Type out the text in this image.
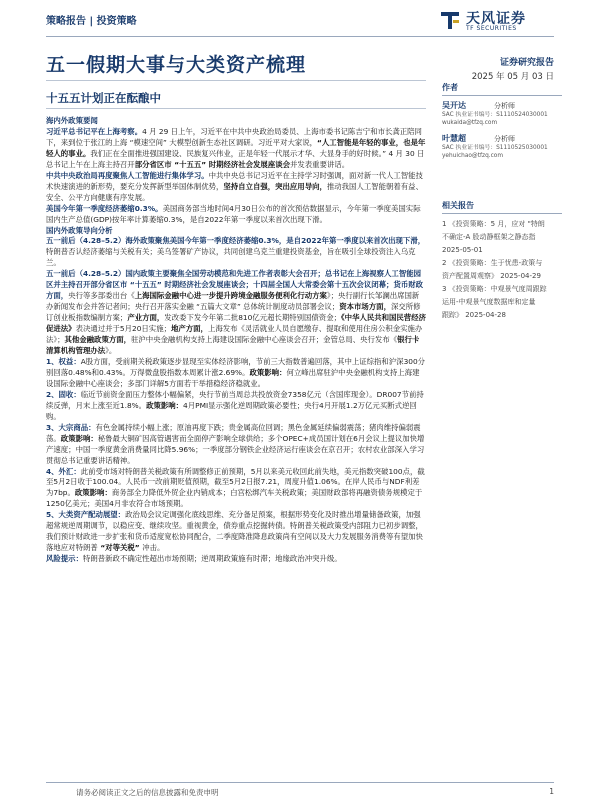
策略报告 | 投资策略	天风证券
TF SECURITIES
五一假期大事与大类资产梳理	证券研究报告
2025 年 05 月 03 日
十五五计划正在酝酿中

海内外政策要闻

习近平总书记平在上海考察。4 月 29 日上午，习近平在中共中央政治局委员、上海市委书记陈吉宁和市长龚正陪同下，来到位于张江的上海 “模速空间” 大模型创新生态社区调研。习近平对大家说，“人工智能是年轻的事业，也是年轻人的事业。我们正在全面推进强国建设、民族复兴伟业，正是年轻一代展示才华、大显身手的好时候。” 4 月 30 日总书记上午在上海主持召开部分省区市 “十五五” 时期经济社会发展座谈会并发表重要讲话。

中共中央政治局再度聚焦人工智能进行集体学习。中共中央总书记习近平在主持学习时强调，面对新一代人工智能技术快速演进的新形势，要充分发挥新型举国体制优势，坚持自立自强，突出应用导向，推动我国人工智能朝着有益、安全、公平方向健康有序发展。

美国今年第一季度经济萎缩0.3%。美国商务部当地时间4月30日公布的首次预估数据显示，今年第一季度美国实际国内生产总值(GDP)按年率计算萎缩0.3%，是自2022年第一季度以来首次出现下滑。

国内外政策导向分析

五一前后（4.28–5.2）海外政策聚焦美国今年第一季度经济萎缩0.3%，是自2022年第一季度以来首次出现下滑，特朗普否认经济萎缩与关税有关；美乌签署矿产协议，共同创建乌克兰重建投资基金，旨在吸引全球投资注入乌克兰。

五一前后（4.28–5.2）国内政策主要聚焦全国劳动模范和先进工作者表彰大会召开；总书记在上海视察人工智能园区并主持召开部分省区市 “十五五” 时期经济社会发展座谈会；十四届全国人大常委会第十五次会议闭幕；货币财政方面，央行等多部委出台《上海国际金融中心进一步提升跨境金融服务便利化行动方案》；央行副行长邹澜出席国新办新闻发布会并答记者问；央行召开落实金融 “五篇大文章” 总体统计制度动员部署会议；资本市场方面，深交所修订创业板指数编制方案；产业方面，发改委下发今年第二批810亿元超长期特别国债资金；《中华人民共和国民营经济促进法》表决通过并于5月20日实施；地产方面，上海发布《灵活就业人员自愿缴存、提取和使用住房公积金实施办法》；其他金融政策方面，驻沪中央金融机构支持上海建设国际金融中心座谈会召开；金管总局、央行发布《银行卡清算机构管理办法》。

1、权益：A股方面，受前期关税政策逐步显现至实体经济影响，节前三大指数普遍回落，其中上证综指和沪深300分别回落0.48%和0.43%。万得微盘股指数本周累计涨2.69%。政策影响：何立峰出席驻沪中央金融机构支持上海建设国际金融中心座谈会；多部门详解5方面若干举措稳经济稳就业。

2、固收：临近节前资金面压力整体小幅偏紧，央行节前当周总共投放资金7358亿元（含国库现金）。DR007节前持续反弹，月末上涨至近1.8%。政策影响：4月PMI显示强化逆周期政策必要性；央行4月开展1.2万亿元买断式逆回购。

3、大宗商品：有色金属持续小幅上涨；原油再度下跌；贵金属高位回调；黑色金属延续偏弱震荡；猪肉维持偏弱震荡。政策影响：秘鲁最大铜矿因高管遇害而全面停产影响全球供给；多个OPEC+成员国计划在6月会议上提议加快增产速度；中国一季度黄金消费量同比降5.96%；一季度部分钢铁企业经济运行座谈会在京召开；农村农业部深入学习贯彻总书记重要讲话精神。

4、外汇：此前受市场对特朗普关税政策有所调整修正前预期，5月以来美元收回此前失地，美元指数突破100点，截至5月2日收于100.04。人民币一改前期贬值预期，截至5月2日报7.21，周度升值1.06%。在岸人民币与NDF利差为7bp。政策影响：商务部全力降低外贸企业内销成本；白宫松绑汽车关税政策；美国财政部将再融资债务规模定于1250亿美元；美国4月非农符合市场预期。

5、大类资产配动展望：政治局会议定调强化底线思维、充分备足预案，根据形势变化及时推出增量储备政策，加强超常规逆周期调节，以稳应变、继续攻坚。重视黄金，债券重点挖掘转债。特朗普关税政策受内部阻力已初步调整，我们预计财政进一步扩张和货币适度宽松协同配合，二季度降准降息政策尚有空间以及大力发展服务消费等有望加快落地应对特朗普 “对等关税” 冲击。

风险提示：特朗普新政不确定性超出市场预期；逆周期政策施有时滞；地缘政治冲突升级。

作者
吴开达	分析师
SAC 执业证书编号：S1110524030001
wukaida@tfzq.com
叶慧超	分析师
SAC 执业证书编号：S1110525030001
yehuichao@tfzq.com
相关报告
1 《投资策略：5 月，应对 "特朗
不确定-A 股动静框架之静态指
2025-05-01
2 《投资策略：生于忧患-政策与
资产配置周观察》 2025-04-29
3 《投资策略：中观景气度周跟踪
运用-中观景气度数据库和定量
跟踪》 2025-04-28
请务必阅读正文之后的信息披露和免责申明	1
